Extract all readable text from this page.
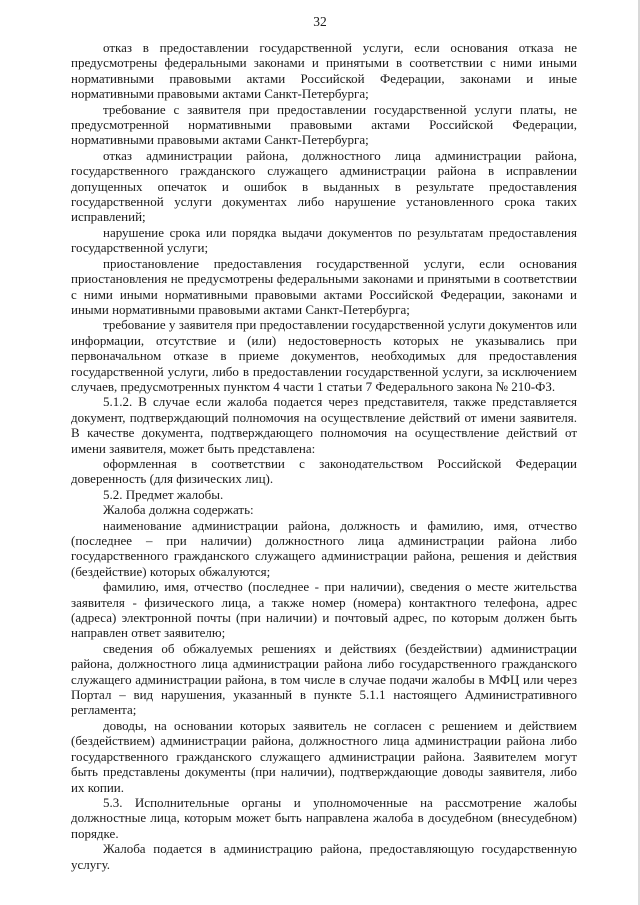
32

отказ в предоставлении государственной услуги, если основания отказа не предусмотрены федеральными законами и принятыми в соответствии с ними иными нормативными правовыми актами Российской Федерации, законами и иные нормативными правовыми актами Санкт-Петербурга;

требование с заявителя при предоставлении государственной услуги платы, не предусмотренной нормативными правовыми актами Российской Федерации, нормативными правовыми актами Санкт-Петербурга;

отказ администрации района, должностного лица администрации района, государственного гражданского служащего администрации района в исправлении допущенных опечаток и ошибок в выданных в результате предоставления государственной услуги документах либо нарушение установленного срока таких исправлений;

нарушение срока или порядка выдачи документов по результатам предоставления государственной услуги;

приостановление предоставления государственной услуги, если основания приостановления не предусмотрены федеральными законами и принятыми в соответствии с ними иными нормативными правовыми актами Российской Федерации, законами и иными нормативными правовыми актами Санкт-Петербурга;

требование у заявителя при предоставлении государственной услуги документов или информации, отсутствие и (или) недостоверность которых не указывались при первоначальном отказе в приеме документов, необходимых для предоставления государственной услуги, либо в предоставлении государственной услуги, за исключением случаев, предусмотренных пунктом 4 части 1 статьи 7 Федерального закона № 210-ФЗ.

5.1.2. В случае если жалоба подается через представителя, также представляется документ, подтверждающий полномочия на осуществление действий от имени заявителя. В качестве документа, подтверждающего полномочия на осуществление действий от имени заявителя, может быть представлена:

оформленная в соответствии с законодательством Российской Федерации доверенность (для физических лиц).

5.2. Предмет жалобы.

Жалоба должна содержать:

наименование администрации района, должность и фамилию, имя, отчество (последнее – при наличии) должностного лица администрации района либо государственного гражданского служащего администрации района, решения и действия (бездействие) которых обжалуются;

фамилию, имя, отчество (последнее - при наличии), сведения о месте жительства заявителя - физического лица, а также номер (номера) контактного телефона, адрес (адреса) электронной почты (при наличии) и почтовый адрес, по которым должен быть направлен ответ заявителю;

сведения об обжалуемых решениях и действиях (бездействии) администрации района, должностного лица администрации района либо государственного гражданского служащего администрации района, в том числе в случае подачи жалобы в МФЦ или через Портал – вид нарушения, указанный в пункте 5.1.1 настоящего Административного регламента;

доводы, на основании которых заявитель не согласен с решением и действием (бездействием) администрации района, должностного лица администрации района либо государственного гражданского служащего администрации района. Заявителем могут быть представлены документы (при наличии), подтверждающие доводы заявителя, либо их копии.

5.3. Исполнительные органы и уполномоченные на рассмотрение жалобы должностные лица, которым может быть направлена жалоба в досудебном (внесудебном) порядке.

Жалоба подается в администрацию района, предоставляющую государственную услугу.
